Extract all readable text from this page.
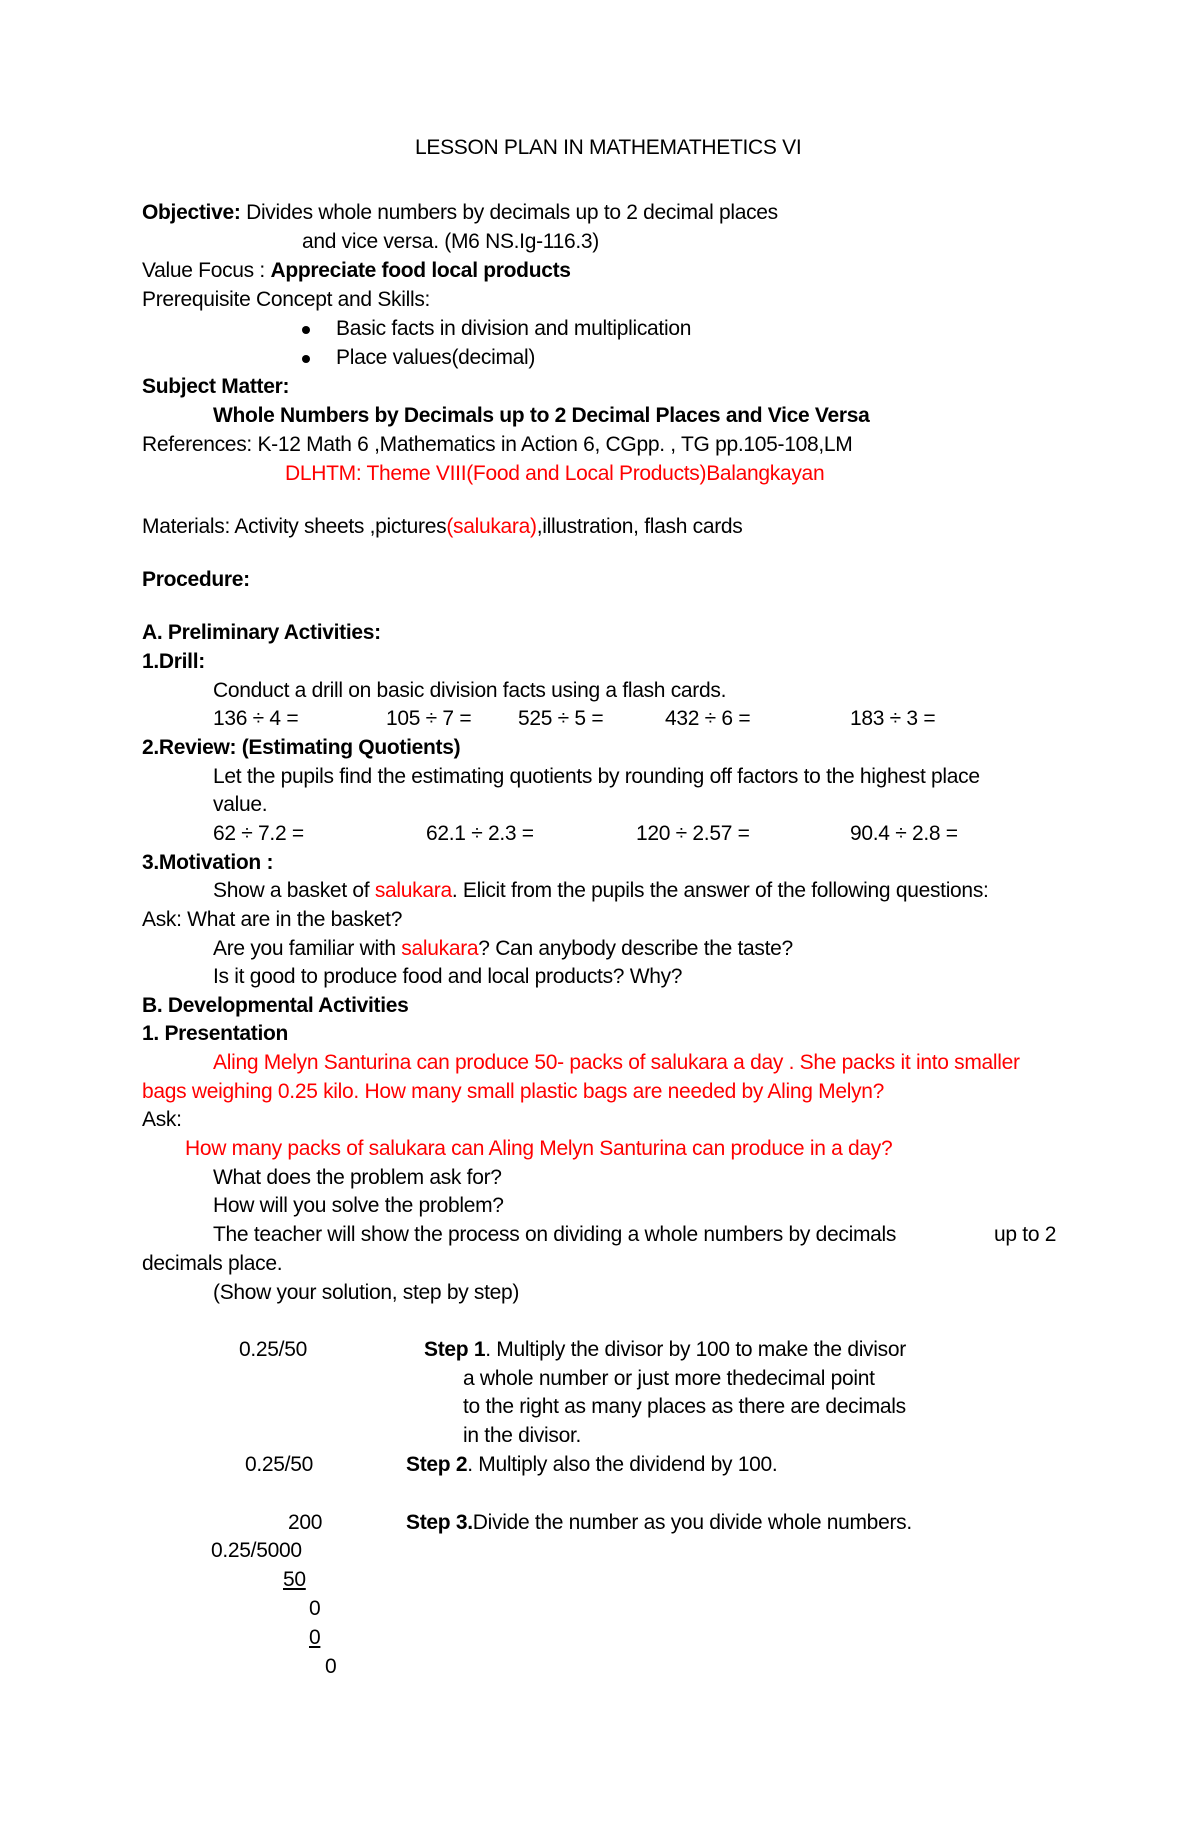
LESSON PLAN IN MATHEMATHETICS VI
Objective: Divides whole numbers by decimals up to 2 decimal places
and vice versa. (M6 NS.Ig-116.3)
Value Focus : Appreciate food local products
Prerequisite Concept and Skills:
Basic facts in division and multiplication
Place values(decimal)
Subject Matter:
Whole Numbers by Decimals up to 2 Decimal Places and Vice Versa
References: K-12 Math 6 ,Mathematics in Action 6, CGpp. , TG pp.105-108,LM
DLHTM: Theme VIII(Food and Local Products)Balangkayan
Materials: Activity sheets ,pictures(salukara),illustration, flash cards
Procedure:
A. Preliminary Activities:
1.Drill:
Conduct a drill on basic division facts using a flash cards.
136 ÷ 4 =	105 ÷ 7 = 525 ÷ 5 =	432 ÷ 6 =	183 ÷ 3 =
2.Review: (Estimating Quotients)
Let the pupils find the estimating quotients by rounding off factors to the highest place
value.
62 ÷ 7.2 =	62.1 ÷ 2.3 =	120 ÷ 2.57 =	90.4 ÷ 2.8 =
3.Motivation :
Show a basket of salukara. Elicit from the pupils the answer of the following questions:
Ask: What are in the basket?
Are you familiar with salukara? Can anybody describe the taste?
Is it good to produce food and local products? Why?
B. Developmental Activities
1. Presentation
Aling Melyn Santurina can produce 50- packs of salukara a day . She packs it into smaller
bags weighing 0.25 kilo. How many small plastic bags are needed by Aling Melyn?
Ask:
How many packs of salukara can Aling Melyn Santurina can produce in a day?
What does the problem ask for?
How will you solve the problem?
The teacher will show the process on dividing a whole numbers by decimals	up to 2
decimals place.
(Show your solution, step by step)
0.25/50	Step 1. Multiply the divisor by 100 to make the divisor
a whole number or just more thedecimal point
to the right as many places as there are decimals
in the divisor.
0.25/50	Step 2. Multiply also the dividend by 100.
200	Step 3.Divide the number as you divide whole numbers.
0.25/5000
50
0
0
0
